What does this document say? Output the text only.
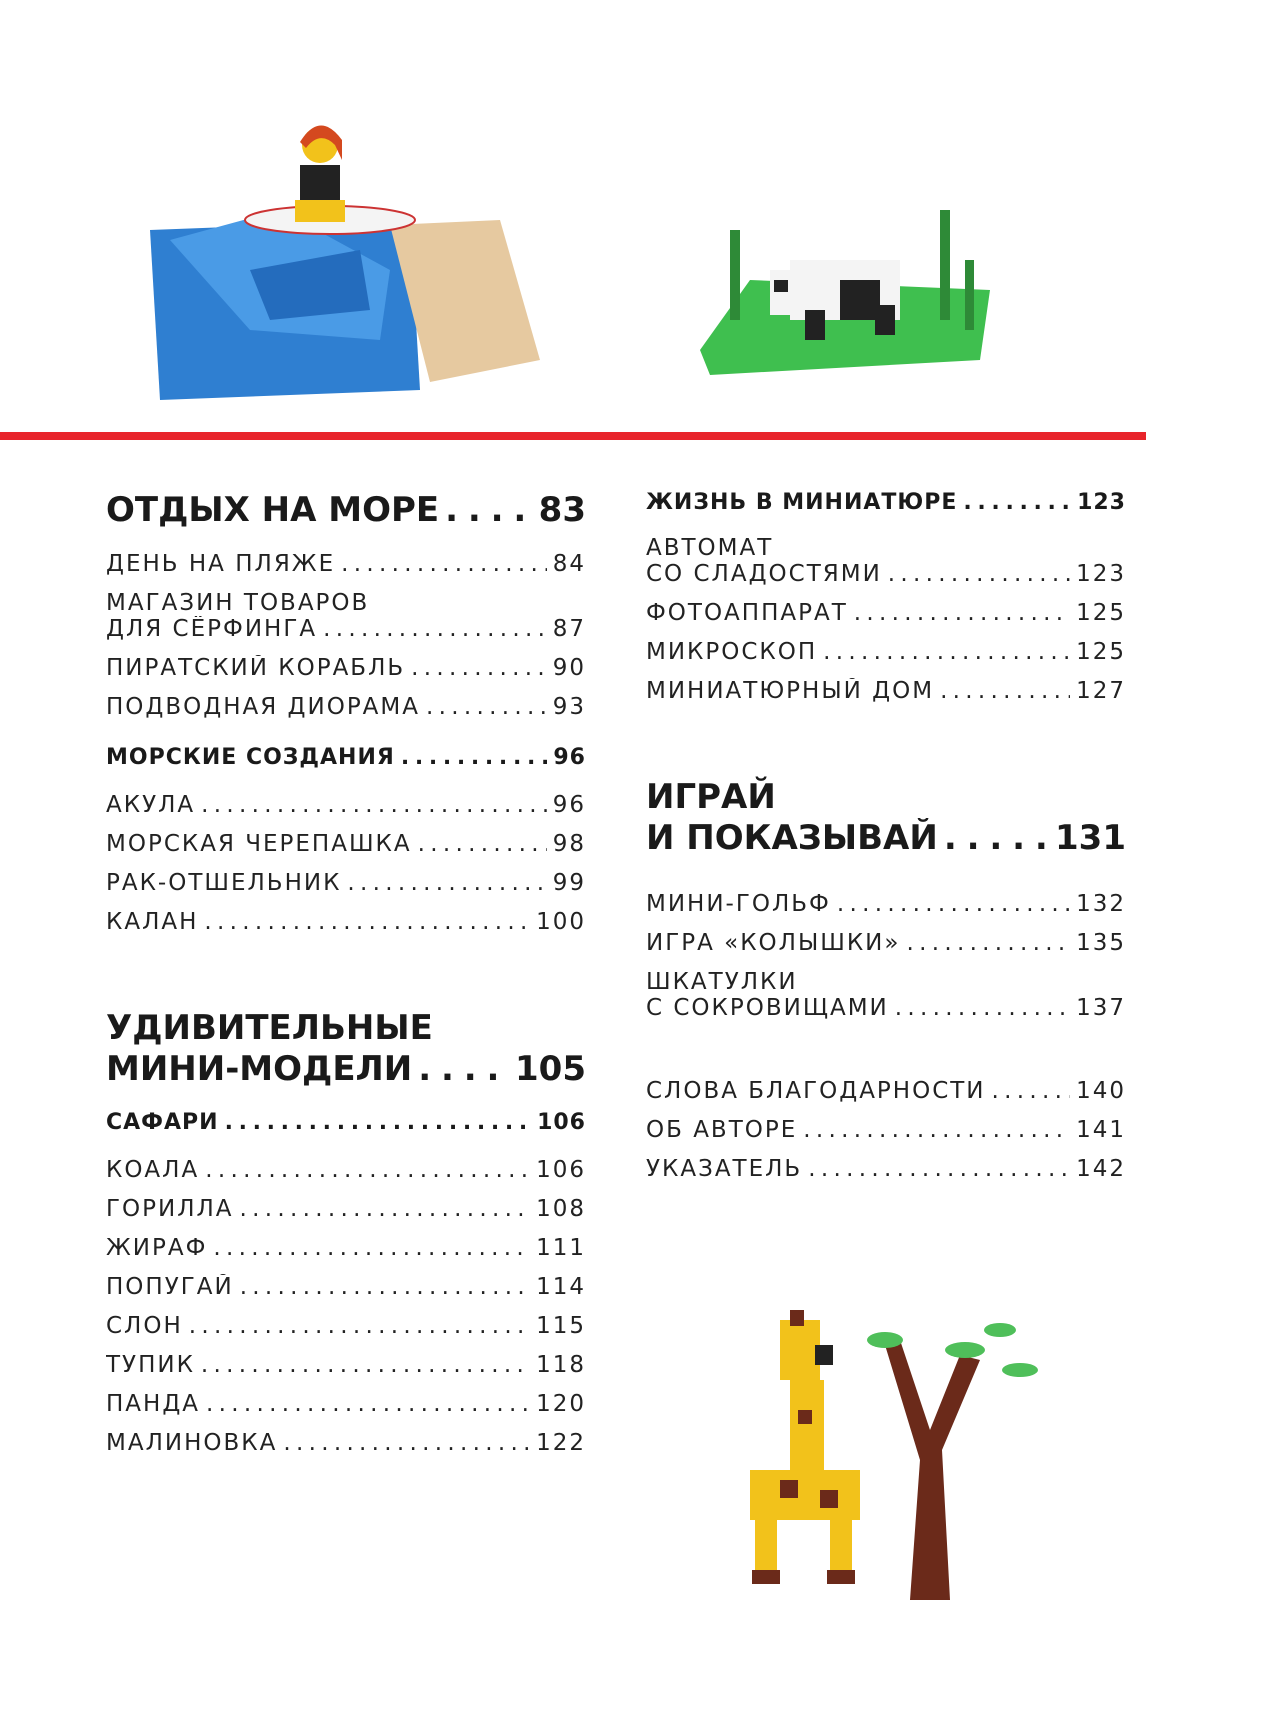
ОТДЫХ НА МОРЕ . . .	83
ДЕНЬ НА ПЛЯЖЕ . . .	84
МАГАЗИН ТОВАРОВ
ДЛЯ СЁРФИНГА . . .	87
ПИРАТСКИЙ КОРАБЛЬ . . .	90
ПОДВОДНАЯ ДИОРАМА . . .	93
МОРСКИЕ СОЗДАНИЯ . . .	96
АКУЛА . . .	96
МОРСКАЯ ЧЕРЕПАШКА . . .	98
РАК-ОТШЕЛЬНИК . . .	99
КАЛАН . . .	100
УДИВИТЕЛЬНЫЕ
МИНИ-МОДЕЛИ . . .	105
САФАРИ . . .	106
КОАЛА . . .	106
ГОРИЛЛА . . .	108
ЖИРАФ . . .	111
ПОПУГАЙ . . .	114
СЛОН . . .	115
ТУПИК . . .	118
ПАНДА . . .	120
МАЛИНОВКА . . .	122
ЖИЗНЬ В МИНИАТЮРЕ . . .	123
АВТОМАТ
СО СЛАДОСТЯМИ . . .	123
ФОТОАППАРАТ . . .	125
МИКРОСКОП . . .	125
МИНИАТЮРНЫЙ ДОМ . . .	127
ИГРАЙ
И ПОКАЗЫВАЙ . . .	131
МИНИ-ГОЛЬФ . . .	132
ИГРА «КОЛЫШКИ» . . .	135
ШКАТУЛКИ
С СОКРОВИЩАМИ . . .	137
СЛОВА БЛАГОДАРНОСТИ . . .	140
ОБ АВТОРЕ . . .	141
УКАЗАТЕЛЬ . . .	142
